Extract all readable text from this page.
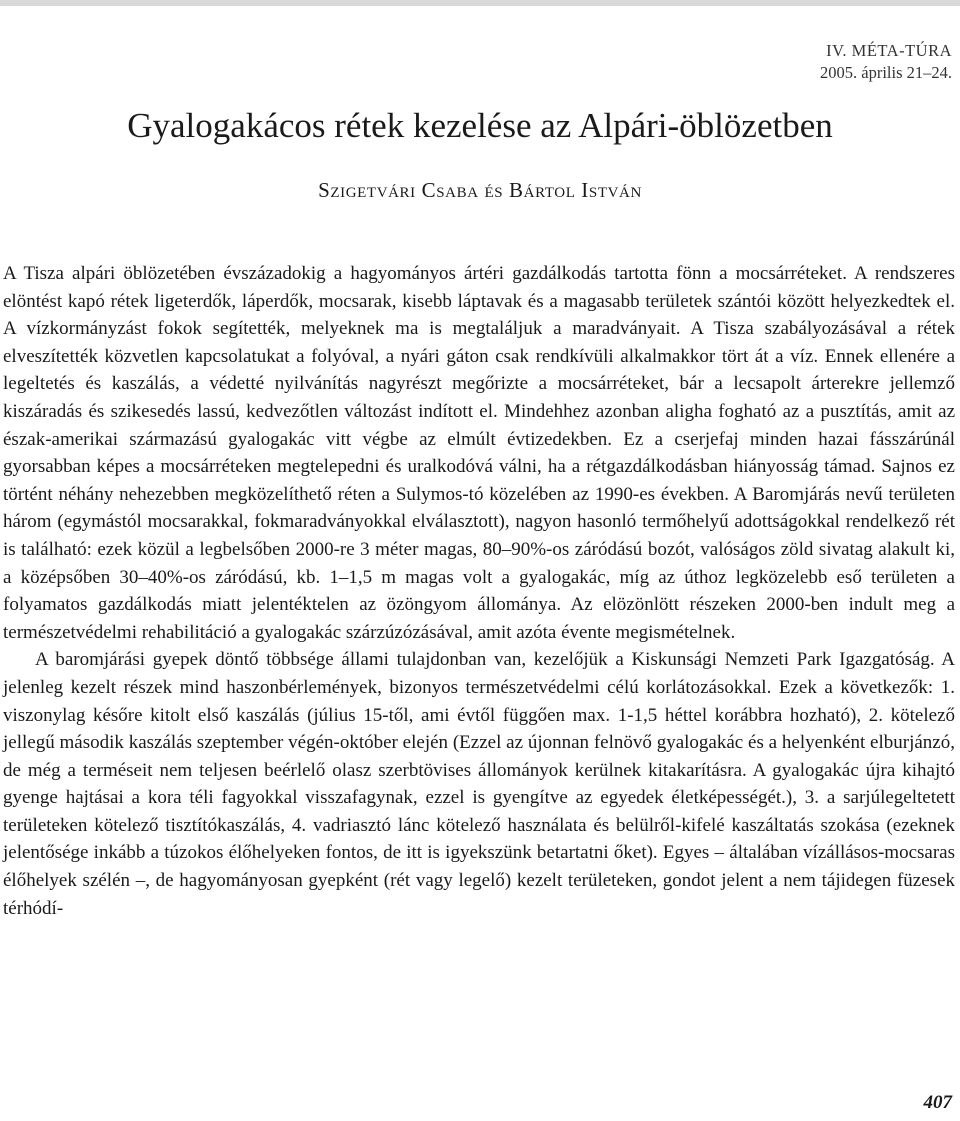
IV. MÉTA-TÚRA
2005. április 21–24.
Gyalogakácos rétek kezelése az Alpári-öblözetben
Szigetvári Csaba és Bártol István

A Tisza alpári öblözetében évszázadokig a hagyományos ártéri gazdálkodás tartotta fönn a mocsárréteket. A rendszeres elöntést kapó rétek ligeterdők, láperdők, mocsarak, kisebb láptavak és a magasabb területek szántói között helyezkedtek el. A vízkormányzást fokok segítették, melyeknek ma is megtaláljuk a maradványait. A Tisza szabályozásával a rétek elveszítették közvetlen kapcsolatukat a folyóval, a nyári gáton csak rendkívüli alkalmakkor tört át a víz. Ennek ellenére a legeltetés és kaszálás, a védetté nyilvánítás nagyrészt megőrizte a mocsárréteket, bár a lecsapolt árterekre jellemző kiszáradás és szikesedés lassú, kedvezőtlen változást indított el. Mindehhez azonban aligha fogható az a pusztítás, amit az észak-amerikai származású gyalogakác vitt végbe az elmúlt évtizedekben. Ez a cserjefaj minden hazai fásszárúnál gyorsabban képes a mocsárréteken megtelepedni és uralkodóvá válni, ha a rétgazdálkodásban hiányosság támad. Sajnos ez történt néhány nehezebben megközelíthető réten a Sulymos-tó közelében az 1990-es években. A Baromjárás nevű területen három (egymástól mocsarakkal, fokmaradványokkal elválasztott), nagyon hasonló termőhelyű adottságokkal rendelkező rét is található: ezek közül a legbelsőben 2000-re 3 méter magas, 80–90%-os záródású bozót, valóságos zöld sivatag alakult ki, a középsőben 30–40%-os záródású, kb. 1–1,5 m magas volt a gyalogakác, míg az úthoz legközelebb eső területen a folyamatos gazdálkodás miatt jelentéktelen az özöngyom állománya. Az elözönlött részeken 2000-ben indult meg a természetvédelmi rehabilitáció a gyalogakác szárzúzózásával, amit azóta évente megismételnek.

A baromjárási gyepek döntő többsége állami tulajdonban van, kezelőjük a Kiskunsági Nemzeti Park Igazgatóság. A jelenleg kezelt részek mind haszonbérlemények, bizonyos természetvédelmi célú korlátozásokkal. Ezek a következők: 1. viszonylag későre kitolt első kaszálás (július 15-től, ami évtől függően max. 1-1,5 héttel korábbra hozható), 2. kötelező jellegű második kaszálás szeptember végén-október elején (Ezzel az újonnan felnövő gyalogakác és a helyenként elburjánzó, de még a terméseit nem teljesen beérlelő olasz szerbtövises állományok kerülnek kitakarításra. A gyalogakác újra kihajtó gyenge hajtásai a kora téli fagyokkal visszafagynak, ezzel is gyengítve az egyedek életképességét.), 3. a sarjúlegeltetett területeken kötelező tisztítókaszálás, 4. vadriasztó lánc kötelező használata és belülről-kifelé kaszáltatás szokása (ezeknek jelentősége inkább a túzokos élőhelyeken fontos, de itt is igyekszünk betartatni őket). Egyes – általában vízállásos-mocsaras élőhelyek szélén –, de hagyományosan gyepként (rét vagy legelő) kezelt területeken, gondot jelent a nem tájidegen füzesek térhódí-

407
